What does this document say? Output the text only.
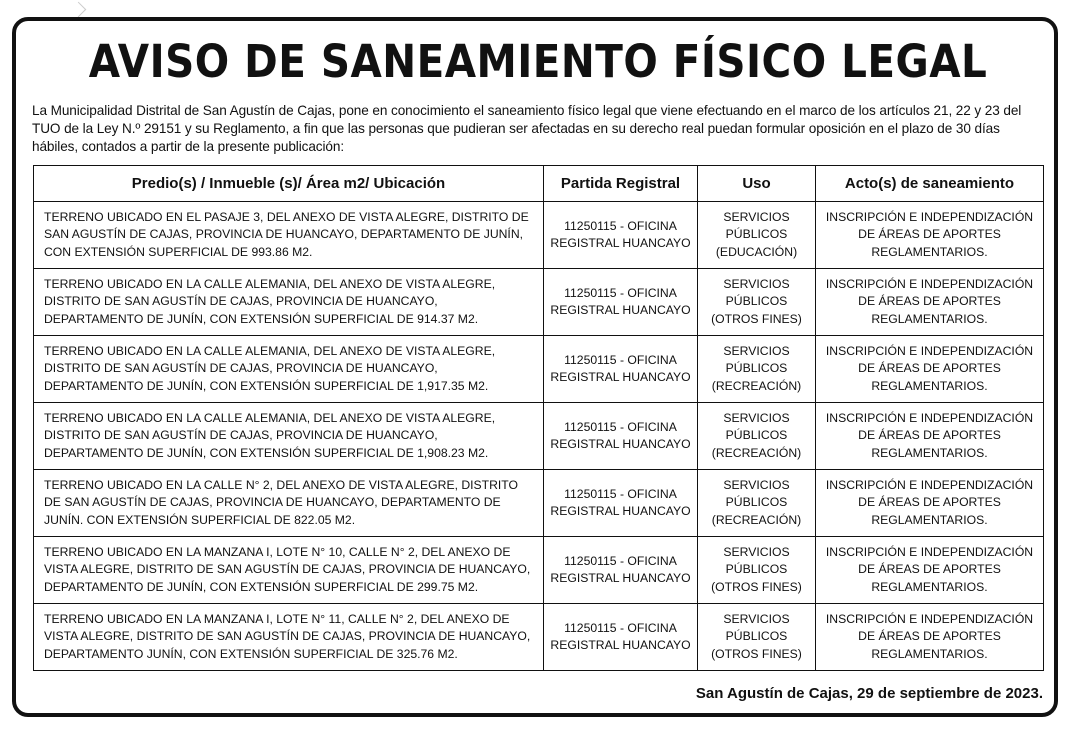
AVISO DE SANEAMIENTO FÍSICO LEGAL

La Municipalidad Distrital de San Agustín de Cajas, pone en conocimiento el saneamiento físico legal que viene efectuando en el marco de los artículos 21, 22 y 23 del TUO de la Ley N.º 29151 y su Reglamento, a fin que las personas que pudieran ser afectadas en su derecho real puedan formular oposición en el plazo de 30 días hábiles, contados a partir de la presente publicación:

Predio(s) / Inmueble (s)/ Área m2/ Ubicación	Partida Registral	Uso	Acto(s) de saneamiento
TERRENO UBICADO EN EL PASAJE 3, DEL ANEXO DE VISTA ALEGRE, DISTRITO DE SAN AGUSTÍN DE CAJAS, PROVINCIA DE HUANCAYO, DEPARTAMENTO DE JUNÍN, CON EXTENSIÓN SUPERFICIAL DE 993.86 M2.	11250115 - OFICINA REGISTRAL HUANCAYO	SERVICIOS PÚBLICOS (EDUCACIÓN)	INSCRIPCIÓN E INDEPENDIZACIÓN DE ÁREAS DE APORTES REGLAMENTARIOS.
TERRENO UBICADO EN LA CALLE ALEMANIA, DEL ANEXO DE VISTA ALEGRE, DISTRITO DE SAN AGUSTÍN DE CAJAS, PROVINCIA DE HUANCAYO, DEPARTAMENTO DE JUNÍN, CON EXTENSIÓN SUPERFICIAL DE 914.37 M2.	11250115 - OFICINA REGISTRAL HUANCAYO	SERVICIOS PÚBLICOS (OTROS FINES)	INSCRIPCIÓN E INDEPENDIZACIÓN DE ÁREAS DE APORTES REGLAMENTARIOS.
TERRENO UBICADO EN LA CALLE ALEMANIA, DEL ANEXO DE VISTA ALEGRE, DISTRITO DE SAN AGUSTÍN DE CAJAS, PROVINCIA DE HUANCAYO, DEPARTAMENTO DE JUNÍN, CON EXTENSIÓN SUPERFICIAL DE 1,917.35 M2.	11250115 - OFICINA REGISTRAL HUANCAYO	SERVICIOS PÚBLICOS (RECREACIÓN)	INSCRIPCIÓN E INDEPENDIZACIÓN DE ÁREAS DE APORTES REGLAMENTARIOS.
TERRENO UBICADO EN LA CALLE ALEMANIA, DEL ANEXO DE VISTA ALEGRE, DISTRITO DE SAN AGUSTÍN DE CAJAS, PROVINCIA DE HUANCAYO, DEPARTAMENTO DE JUNÍN, CON EXTENSIÓN SUPERFICIAL DE 1,908.23 M2.	11250115 - OFICINA REGISTRAL HUANCAYO	SERVICIOS PÚBLICOS (RECREACIÓN)	INSCRIPCIÓN E INDEPENDIZACIÓN DE ÁREAS DE APORTES REGLAMENTARIOS.
TERRENO UBICADO EN LA CALLE N° 2, DEL ANEXO DE VISTA ALEGRE, DISTRITO DE SAN AGUSTÍN DE CAJAS, PROVINCIA DE HUANCAYO, DEPARTAMENTO DE JUNÍN. CON EXTENSIÓN SUPERFICIAL DE 822.05 M2.	11250115 - OFICINA REGISTRAL HUANCAYO	SERVICIOS PÚBLICOS (RECREACIÓN)	INSCRIPCIÓN E INDEPENDIZACIÓN DE ÁREAS DE APORTES REGLAMENTARIOS.
TERRENO UBICADO EN LA MANZANA I, LOTE N° 10, CALLE N° 2, DEL ANEXO DE VISTA ALEGRE, DISTRITO DE SAN AGUSTÍN DE CAJAS, PROVINCIA DE HUANCAYO, DEPARTAMENTO DE JUNÍN, CON EXTENSIÓN SUPERFICIAL DE 299.75 M2.	11250115 - OFICINA REGISTRAL HUANCAYO	SERVICIOS PÚBLICOS (OTROS FINES)	INSCRIPCIÓN E INDEPENDIZACIÓN DE ÁREAS DE APORTES REGLAMENTARIOS.
TERRENO UBICADO EN LA MANZANA I, LOTE N° 11, CALLE N° 2, DEL ANEXO DE VISTA ALEGRE, DISTRITO DE SAN AGUSTÍN DE CAJAS, PROVINCIA DE HUANCAYO, DEPARTAMENTO JUNÍN, CON EXTENSIÓN SUPERFICIAL DE 325.76 M2.	11250115 - OFICINA REGISTRAL HUANCAYO	SERVICIOS PÚBLICOS (OTROS FINES)	INSCRIPCIÓN E INDEPENDIZACIÓN DE ÁREAS DE APORTES REGLAMENTARIOS.
San Agustín de Cajas, 29 de septiembre de 2023.
